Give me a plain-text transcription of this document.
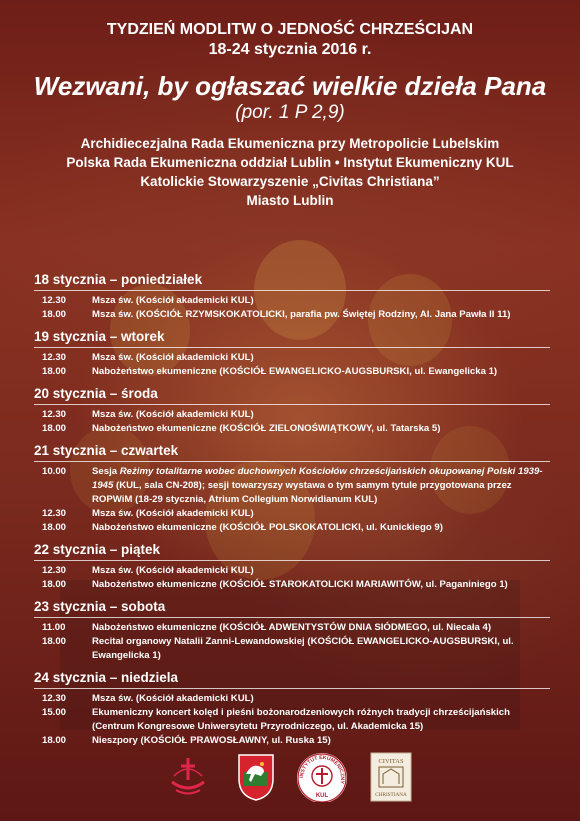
TYDZIEŃ MODLITW O JEDNOŚĆ CHRZEŚCIJAN
18-24 stycznia 2016 r.
Wezwani, by ogłaszać wielkie dzieła Pana
(por. 1 P 2,9)
Archidiecezjalna Rada Ekumeniczna przy Metropolicie Lubelskim
Polska Rada Ekumeniczna oddział Lublin • Instytut Ekumeniczny KUL
Katolickie Stowarzyszenie „Civitas Christiana”
Miasto Lublin
18 stycznia – poniedziałek
12.30	Msza św. (Kościół akademicki KUL)
18.00	Msza św. (KOŚCIÓŁ RZYMSKOKATOLICKI, parafia pw. Świętej Rodziny, Al. Jana Pawła II 11)
19 stycznia – wtorek
12.30	Msza św. (Kościół akademicki KUL)
18.00	Nabożeństwo ekumeniczne (KOŚCIÓŁ EWANGELICKO-AUGSBURSKI, ul. Ewangelicka 1)
20 stycznia – środa
12.30	Msza św. (Kościół akademicki KUL)
18.00	Nabożeństwo ekumeniczne (KOŚCIÓŁ ZIELONOŚWIĄTKOWY, ul. Tatarska 5)
21 stycznia – czwartek
10.00	Sesja Reżimy totalitarne wobec duchownych Kościołów chrześcijańskich okupowanej Polski 1939-1945 (KUL, sala CN-208); sesji towarzyszy wystawa o tym samym tytule przygotowana przez ROPWiM (18-29 stycznia, Atrium Collegium Norwidianum KUL)
12.30	Msza św. (Kościół akademicki KUL)
18.00	Nabożeństwo ekumeniczne (KOŚCIÓŁ POLSKOKATOLICKI, ul. Kunickiego 9)
22 stycznia – piątek
12.30	Msza św. (Kościół akademicki KUL)
18.00	Nabożeństwo ekumeniczne (KOŚCIÓŁ STAROKATOLICKI MARIAWITÓW, ul. Paganiniego 1)
23 stycznia – sobota
11.00	Nabożeństwo ekumeniczne (KOŚCIÓŁ ADWENTYSTÓW DNIA SIÓDMEGO, ul. Niecała 4)
18.00	Recital organowy Natalii Zanni-Lewandowskiej (KOŚCIÓŁ EWANGELICKO-AUGSBURSKI, ul. Ewangelicka 1)
24 stycznia – niedziela
12.30	Msza św. (Kościół akademicki KUL)
15.00	Ekumeniczny koncert kolęd i pieśni bożonarodzeniowych różnych tradycji chrześcijańskich (Centrum Kongresowe Uniwersytetu Przyrodniczego, ul. Akademicka 15)
18.00	Nieszpory (KOŚCIÓŁ PRAWOSŁAWNY, ul. Ruska 15)
INSTYTUT EKUMENICZNY
KUL
CIVITAS
CHRISTIANA
